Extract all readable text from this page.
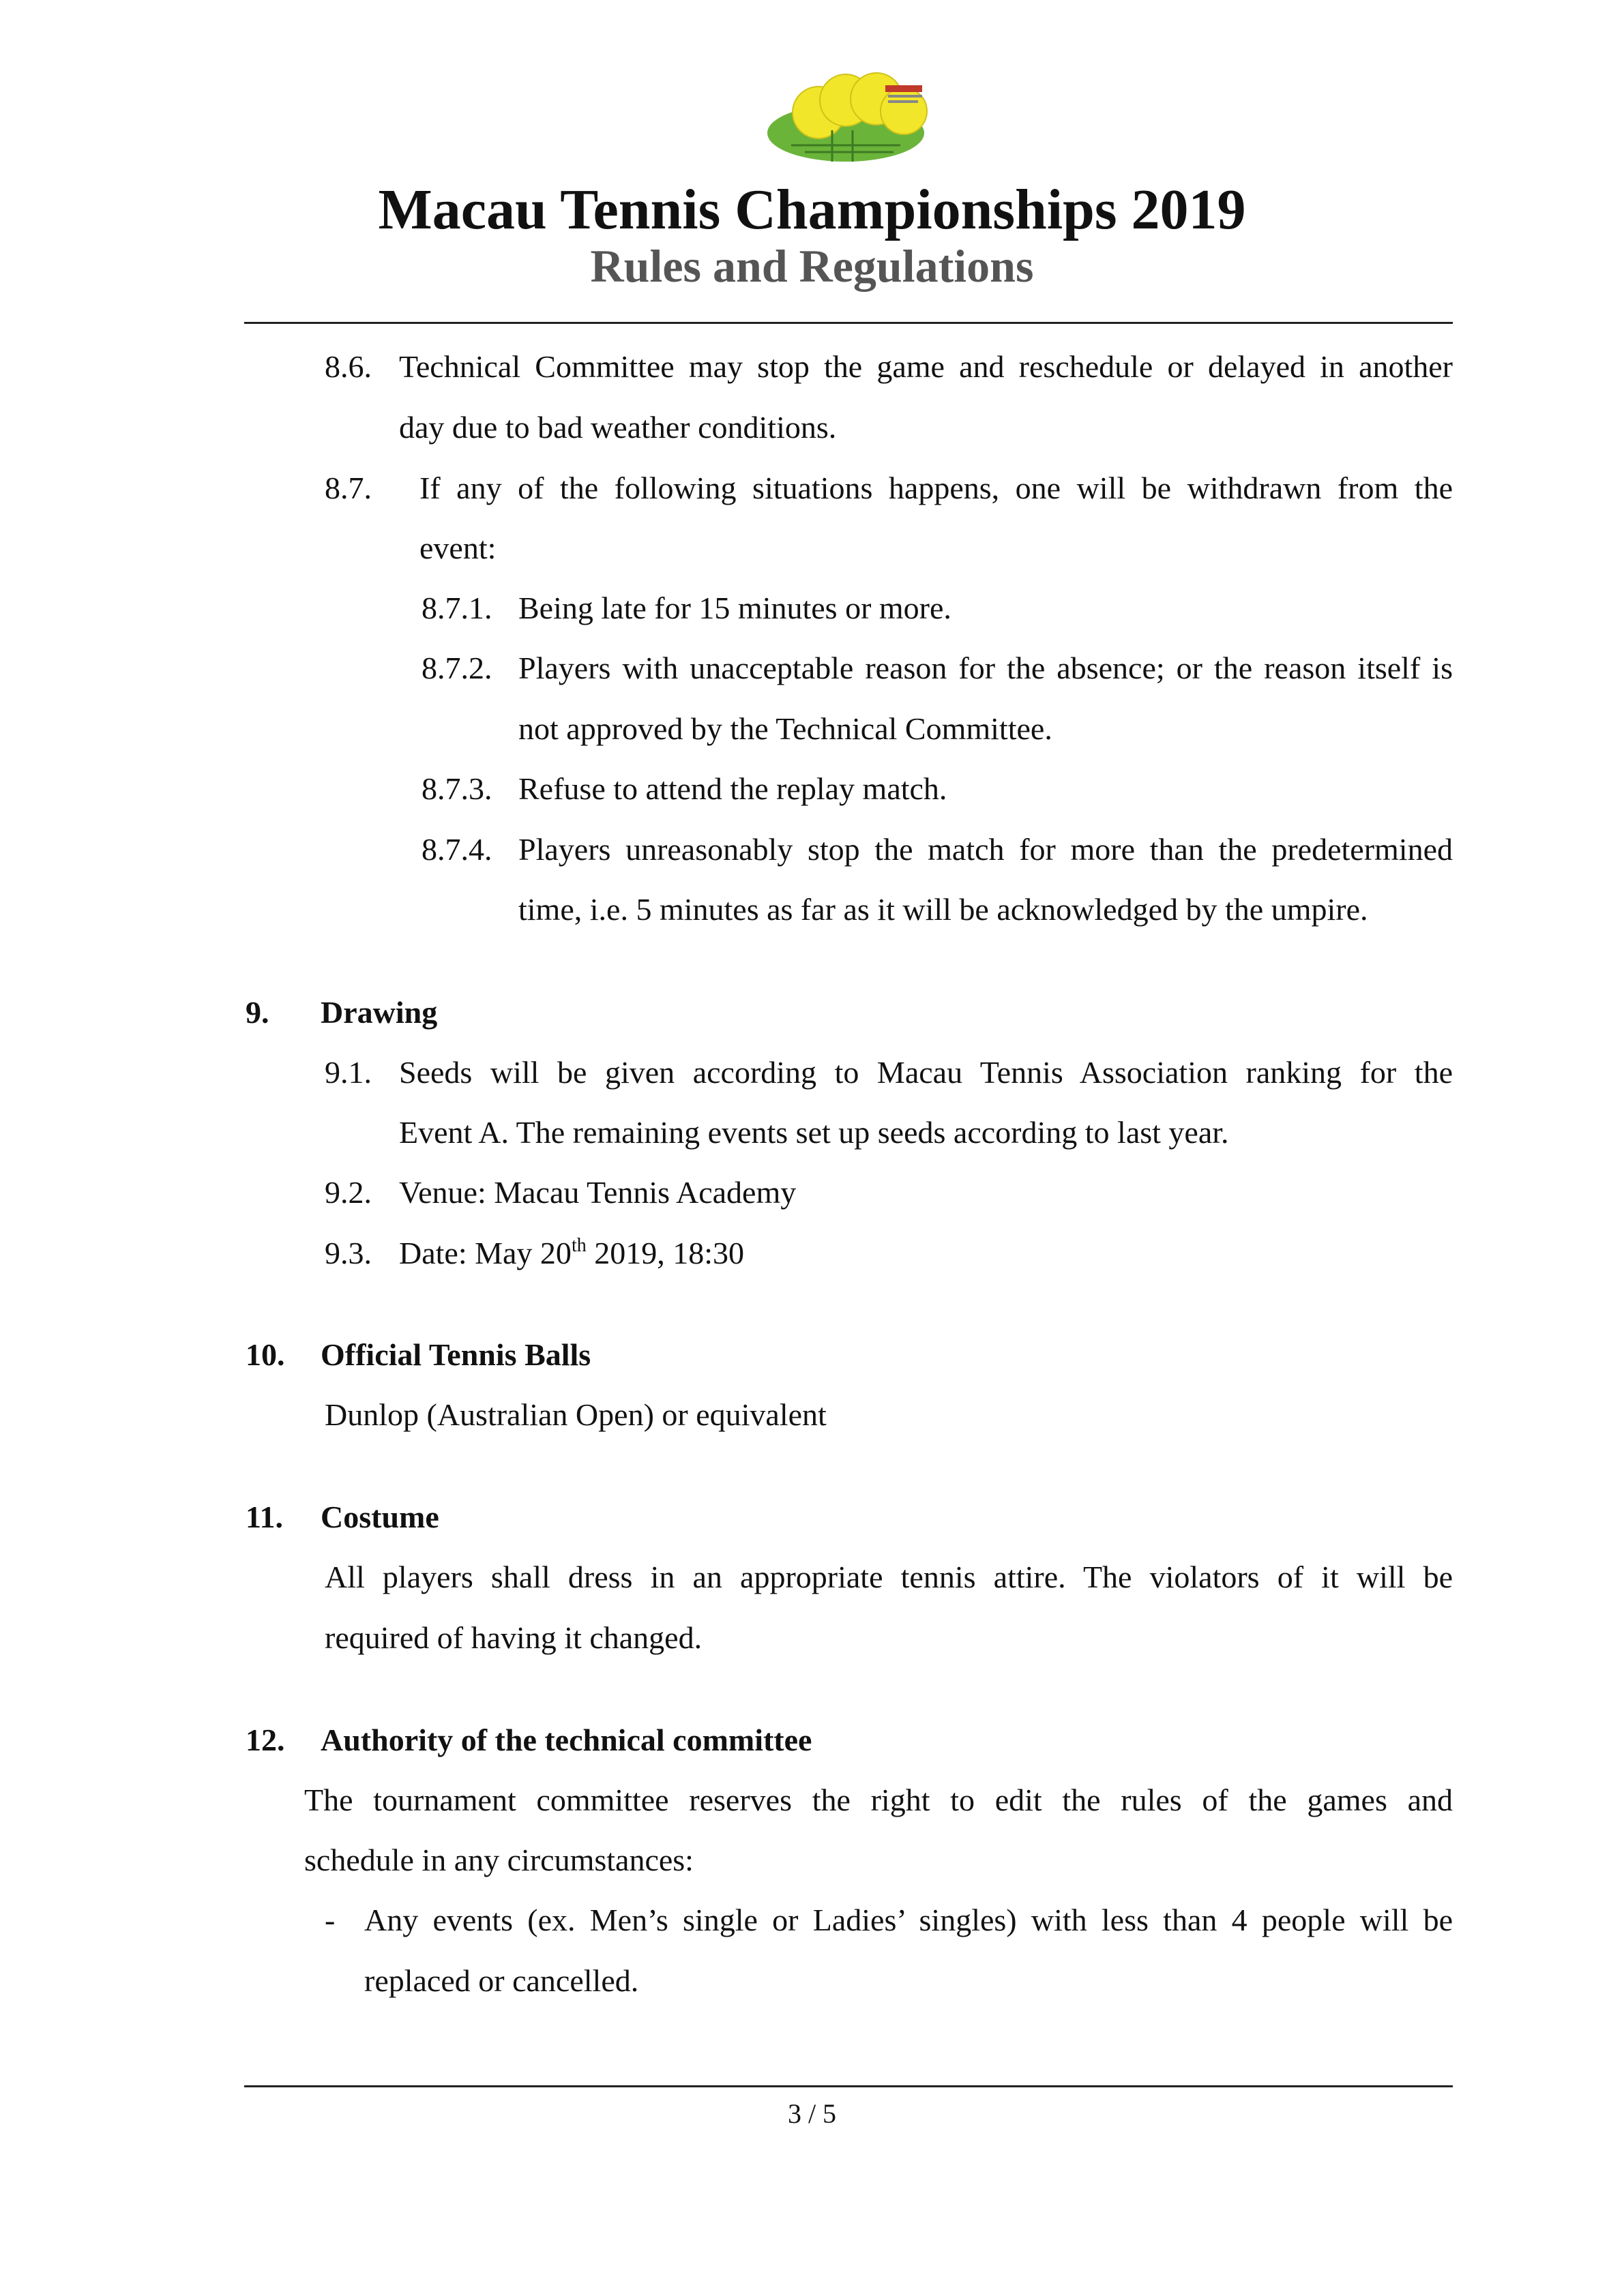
Macau Tennis Championships 2019
Rules and Regulations
8.6. Technical Committee may stop the game and reschedule or delayed in another
day due to bad weather conditions.
8.7. If any of the following situations happens, one will be withdrawn from the
event:
8.7.1. Being late for 15 minutes or more.
8.7.2. Players with unacceptable reason for the absence; or the reason itself is
not approved by the Technical Committee.
8.7.3. Refuse to attend the replay match.
8.7.4. Players unreasonably stop the match for more than the predetermined
time, i.e. 5 minutes as far as it will be acknowledged by the umpire.
9. Drawing
9.1. Seeds will be given according to Macau Tennis Association ranking for the
Event A. The remaining events set up seeds according to last year.
9.2. Venue: Macau Tennis Academy
9.3. Date: May 20th 2019, 18:30
10. Official Tennis Balls
Dunlop (Australian Open) or equivalent
11. Costume
All players shall dress in an appropriate tennis attire. The violators of it will be
required of having it changed.
12. Authority of the technical committee
The tournament committee reserves the right to edit the rules of the games and
schedule in any circumstances:
- Any events (ex. Men’s single or Ladies’ singles) with less than 4 people will be
replaced or cancelled.
3 / 5
